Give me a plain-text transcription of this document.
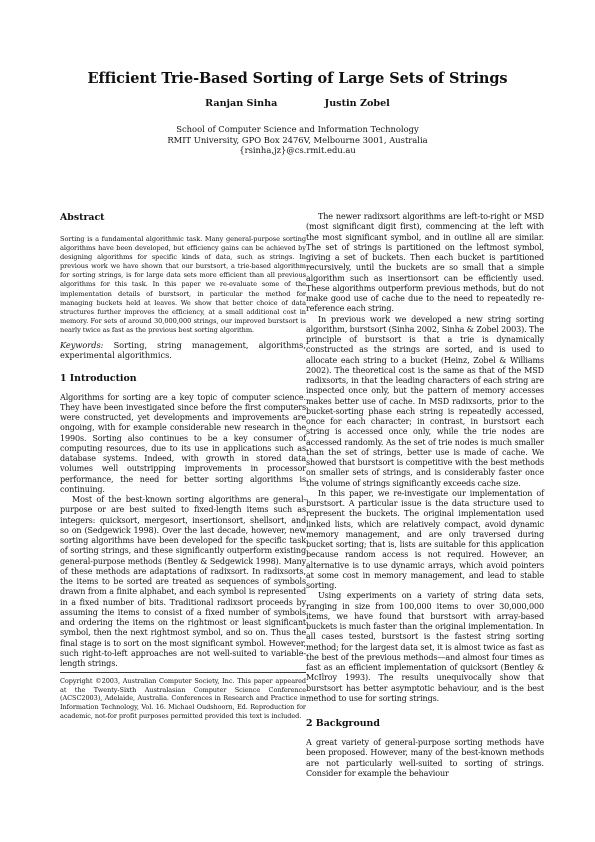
Efficient Trie-Based Sorting of Large Sets of Strings
Ranjan Sinha	Justin Zobel
School of Computer Science and Information Technology
RMIT University, GPO Box 2476V, Melbourne 3001, Australia
{rsinha,jz}@cs.rmit.edu.au
Abstract

Sorting is a fundamental algorithmic task. Many general-purpose sorting algorithms have been developed, but efficiency gains can be achieved by designing algorithms for specific kinds of data, such as strings. In previous work we have shown that our burstsort, a trie-based algorithm for sorting strings, is for large data sets more efficient than all previous algorithms for this task. In this paper we re-evaluate some of the implementation details of burstsort, in particular the method for managing buckets held at leaves. We show that better choice of data structures further improves the efficiency, at a small additional cost in memory. For sets of around 30,000,000 strings, our improved burstsort is nearly twice as fast as the previous best sorting algorithm.

Keywords: Sorting, string management, algorithms, experimental algorithmics.

1 Introduction

Algorithms for sorting are a key topic of computer science. They have been investigated since before the first computers were constructed, yet developments and improvements are ongoing, with for example considerable new research in the 1990s. Sorting also continues to be a key consumer of computing resources, due to its use in applications such as database systems. Indeed, with growth in stored data volumes well outstripping improvements in processor performance, the need for better sorting algorithms is continuing.

Most of the best-known sorting algorithms are general-purpose or are best suited to fixed-length items such as integers: quicksort, mergesort, insertionsort, shellsort, and so on (Sedgewick 1998). Over the last decade, however, new sorting algorithms have been developed for the specific task of sorting strings, and these significantly outperform existing general-purpose methods (Bentley & Sedgewick 1998). Many of these methods are adaptations of radixsort. In radixsorts, the items to be sorted are treated as sequences of symbols drawn from a finite alphabet, and each symbol is represented in a fixed number of bits. Traditional radixsort proceeds by assuming the items to consist of a fixed number of symbols and ordering the items on the rightmost or least significant symbol, then the next rightmost symbol, and so on. Thus the final stage is to sort on the most significant symbol. However, such right-to-left approaches are not well-suited to variable-length strings.

Copyright ©2003, Australian Computer Society, Inc. This paper appeared at the Twenty-Sixth Australasian Computer Science Conference (ACSC2003), Adelaide, Australia. Conferences in Research and Practice in Information Technology, Vol. 16. Michael Oudshoorn, Ed. Reproduction for academic, not-for profit purposes permitted provided this text is included.

The newer radixsort algorithms are left-to-right or MSD (most significant digit first), commencing at the left with the most significant symbol, and in outline all are similar. The set of strings is partitioned on the leftmost symbol, giving a set of buckets. Then each bucket is partitioned recursively, until the buckets are so small that a simple algorithm such as insertionsort can be efficiently used. These algorithms outperform previous methods, but do not make good use of cache due to the need to repeatedly re-reference each string.

In previous work we developed a new string sorting algorithm, burstsort (Sinha 2002, Sinha & Zobel 2003). The principle of burstsort is that a trie is dynamically constructed as the strings are sorted, and is used to allocate each string to a bucket (Heinz, Zobel & Williams 2002). The theoretical cost is the same as that of the MSD radixsorts, in that the leading characters of each string are inspected once only, but the pattern of memory accesses makes better use of cache. In MSD radixsorts, prior to the bucket-sorting phase each string is repeatedly accessed, once for each character; in contrast, in burstsort each string is accessed once only, while the trie nodes are accessed randomly. As the set of trie nodes is much smaller than the set of strings, better use is made of cache. We showed that burstsort is competitive with the best methods on smaller sets of strings, and is considerably faster once the volume of strings significantly exceeds cache size.

In this paper, we re-investigate our implementation of burstsort. A particular issue is the data structure used to represent the buckets. The original implementation used linked lists, which are relatively compact, avoid dynamic memory management, and are only traversed during bucket sorting; that is, lists are suitable for this application because random access is not required. However, an alternative is to use dynamic arrays, which avoid pointers at some cost in memory management, and lead to stable sorting.

Using experiments on a variety of string data sets, ranging in size from 100,000 items to over 30,000,000 items, we have found that burstsort with array-based buckets is much faster than the original implementation. In all cases tested, burstsort is the fastest string sorting method; for the largest data set, it is almost twice as fast as the best of the previous methods—and almost four times as fast as an efficient implementation of quicksort (Bentley & McIlroy 1993). The results unequivocally show that burstsort has better asymptotic behaviour, and is the best method to use for sorting strings.

2 Background

A great variety of general-purpose sorting methods have been proposed. However, many of the best-known methods are not particularly well-suited to sorting of strings. Consider for example the behaviour
